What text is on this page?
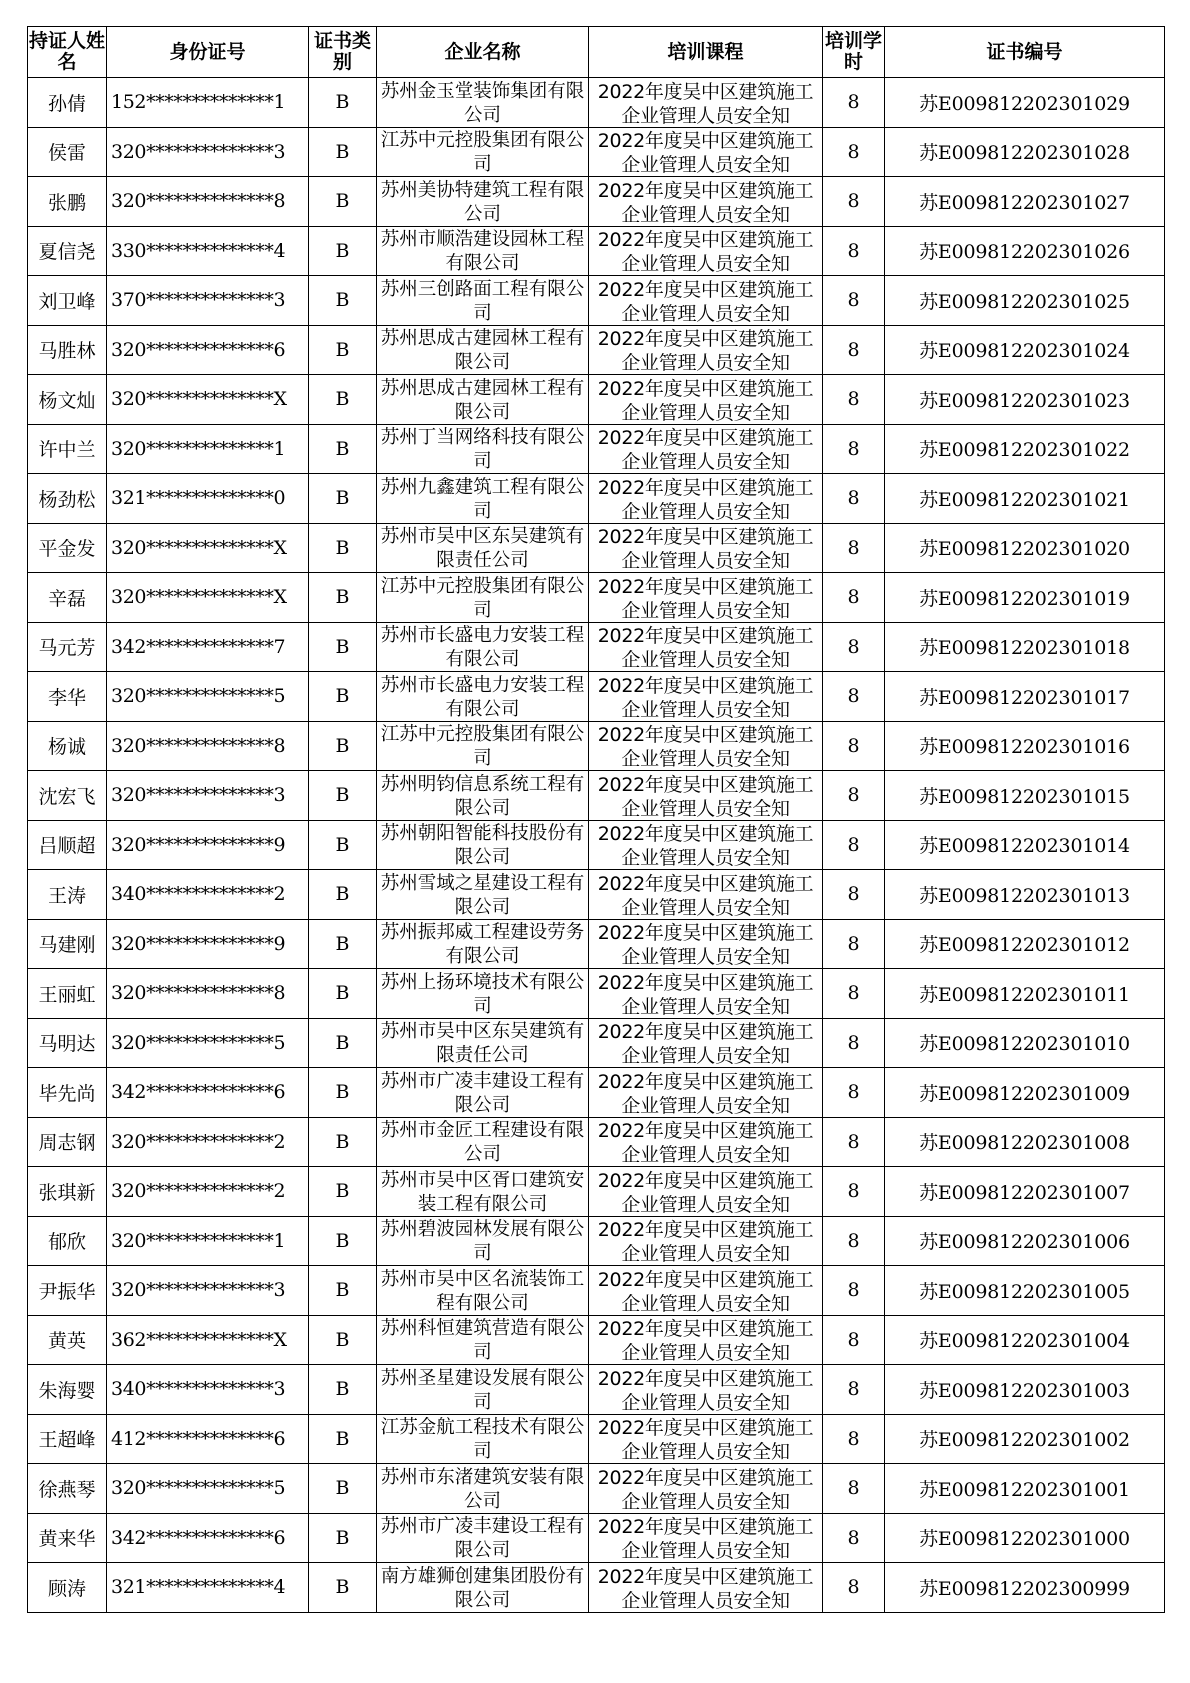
持证人姓名	身份证号	证书类别	企业名称	培训课程	培训学时	证书编号
孙倩	152**************1	B	苏州金玉堂装饰集团有限公司	2022年度吴中区建筑施工企业管理人员安全知	8	苏E009812202301029
侯雷	320**************3	B	江苏中元控股集团有限公司	2022年度吴中区建筑施工企业管理人员安全知	8	苏E009812202301028
张鹏	320**************8	B	苏州美协特建筑工程有限公司	2022年度吴中区建筑施工企业管理人员安全知	8	苏E009812202301027
夏信尧	330**************4	B	苏州市顺浩建设园林工程有限公司	2022年度吴中区建筑施工企业管理人员安全知	8	苏E009812202301026
刘卫峰	370**************3	B	苏州三创路面工程有限公司	2022年度吴中区建筑施工企业管理人员安全知	8	苏E009812202301025
马胜林	320**************6	B	苏州思成古建园林工程有限公司	2022年度吴中区建筑施工企业管理人员安全知	8	苏E009812202301024
杨文灿	320**************X	B	苏州思成古建园林工程有限公司	2022年度吴中区建筑施工企业管理人员安全知	8	苏E009812202301023
许中兰	320**************1	B	苏州丁当网络科技有限公司	2022年度吴中区建筑施工企业管理人员安全知	8	苏E009812202301022
杨劲松	321**************0	B	苏州九鑫建筑工程有限公司	2022年度吴中区建筑施工企业管理人员安全知	8	苏E009812202301021
平金发	320**************X	B	苏州市吴中区东吴建筑有限责任公司	2022年度吴中区建筑施工企业管理人员安全知	8	苏E009812202301020
辛磊	320**************X	B	江苏中元控股集团有限公司	2022年度吴中区建筑施工企业管理人员安全知	8	苏E009812202301019
马元芳	342**************7	B	苏州市长盛电力安装工程有限公司	2022年度吴中区建筑施工企业管理人员安全知	8	苏E009812202301018
李华	320**************5	B	苏州市长盛电力安装工程有限公司	2022年度吴中区建筑施工企业管理人员安全知	8	苏E009812202301017
杨诚	320**************8	B	江苏中元控股集团有限公司	2022年度吴中区建筑施工企业管理人员安全知	8	苏E009812202301016
沈宏飞	320**************3	B	苏州明钧信息系统工程有限公司	2022年度吴中区建筑施工企业管理人员安全知	8	苏E009812202301015
吕顺超	320**************9	B	苏州朝阳智能科技股份有限公司	2022年度吴中区建筑施工企业管理人员安全知	8	苏E009812202301014
王涛	340**************2	B	苏州雪域之星建设工程有限公司	2022年度吴中区建筑施工企业管理人员安全知	8	苏E009812202301013
马建刚	320**************9	B	苏州振邦威工程建设劳务有限公司	2022年度吴中区建筑施工企业管理人员安全知	8	苏E009812202301012
王丽虹	320**************8	B	苏州上扬环境技术有限公司	2022年度吴中区建筑施工企业管理人员安全知	8	苏E009812202301011
马明达	320**************5	B	苏州市吴中区东吴建筑有限责任公司	2022年度吴中区建筑施工企业管理人员安全知	8	苏E009812202301010
毕先尚	342**************6	B	苏州市广凌丰建设工程有限公司	2022年度吴中区建筑施工企业管理人员安全知	8	苏E009812202301009
周志钢	320**************2	B	苏州市金匠工程建设有限公司	2022年度吴中区建筑施工企业管理人员安全知	8	苏E009812202301008
张琪新	320**************2	B	苏州市吴中区胥口建筑安装工程有限公司	2022年度吴中区建筑施工企业管理人员安全知	8	苏E009812202301007
郁欣	320**************1	B	苏州碧波园林发展有限公司	2022年度吴中区建筑施工企业管理人员安全知	8	苏E009812202301006
尹振华	320**************3	B	苏州市吴中区名流装饰工程有限公司	2022年度吴中区建筑施工企业管理人员安全知	8	苏E009812202301005
黄英	362**************X	B	苏州科恒建筑营造有限公司	2022年度吴中区建筑施工企业管理人员安全知	8	苏E009812202301004
朱海婴	340**************3	B	苏州圣星建设发展有限公司	2022年度吴中区建筑施工企业管理人员安全知	8	苏E009812202301003
王超峰	412**************6	B	江苏金航工程技术有限公司	2022年度吴中区建筑施工企业管理人员安全知	8	苏E009812202301002
徐燕琴	320**************5	B	苏州市东渚建筑安装有限公司	2022年度吴中区建筑施工企业管理人员安全知	8	苏E009812202301001
黄来华	342**************6	B	苏州市广凌丰建设工程有限公司	2022年度吴中区建筑施工企业管理人员安全知	8	苏E009812202301000
顾涛	321**************4	B	南方雄狮创建集团股份有限公司	2022年度吴中区建筑施工企业管理人员安全知	8	苏E009812202300999
